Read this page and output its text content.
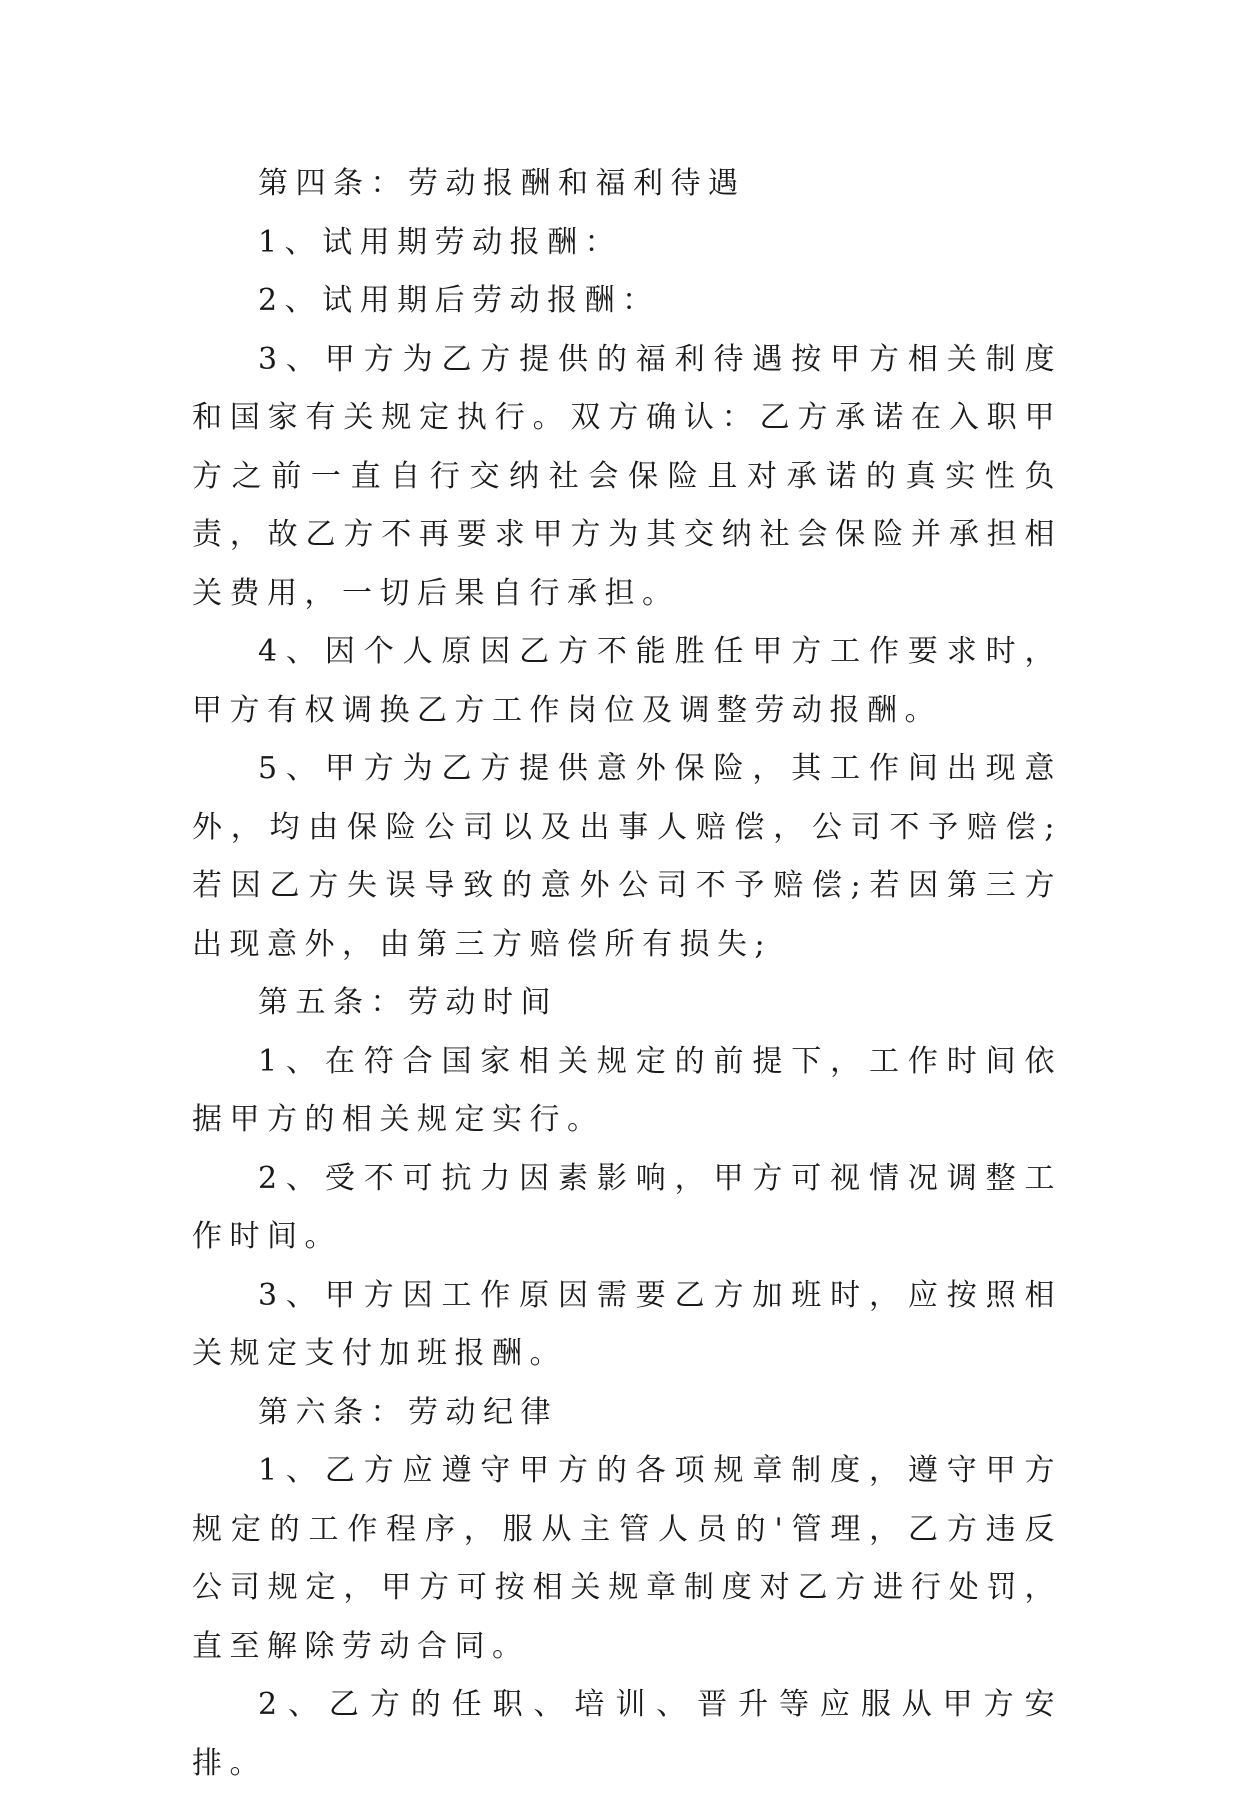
第四条：劳动报酬和福利待遇

1、试用期劳动报酬：

2、试用期后劳动报酬：

3、甲方为乙方提供的福利待遇按甲方相关制度和国家有关规定执行。双方确认：乙方承诺在入职甲方之前一直自行交纳社会保险且对承诺的真实性负责，故乙方不再要求甲方为其交纳社会保险并承担相关费用，一切后果自行承担。

4、因个人原因乙方不能胜任甲方工作要求时，甲方有权调换乙方工作岗位及调整劳动报酬。

5、甲方为乙方提供意外保险，其工作间出现意外，均由保险公司以及出事人赔偿，公司不予赔偿;若因乙方失误导致的意外公司不予赔偿;若因第三方出现意外，由第三方赔偿所有损失;

第五条：劳动时间

1、在符合国家相关规定的前提下，工作时间依据甲方的相关规定实行。

2、受不可抗力因素影响，甲方可视情况调整工作时间。

3、甲方因工作原因需要乙方加班时，应按照相关规定支付加班报酬。

第六条：劳动纪律

1、乙方应遵守甲方的各项规章制度，遵守甲方规定的工作程序，服从主管人员的'管理，乙方违反公司规定，甲方可按相关规章制度对乙方进行处罚，直至解除劳动合同。

2、乙方的任职、培训、晋升等应服从甲方安排。
